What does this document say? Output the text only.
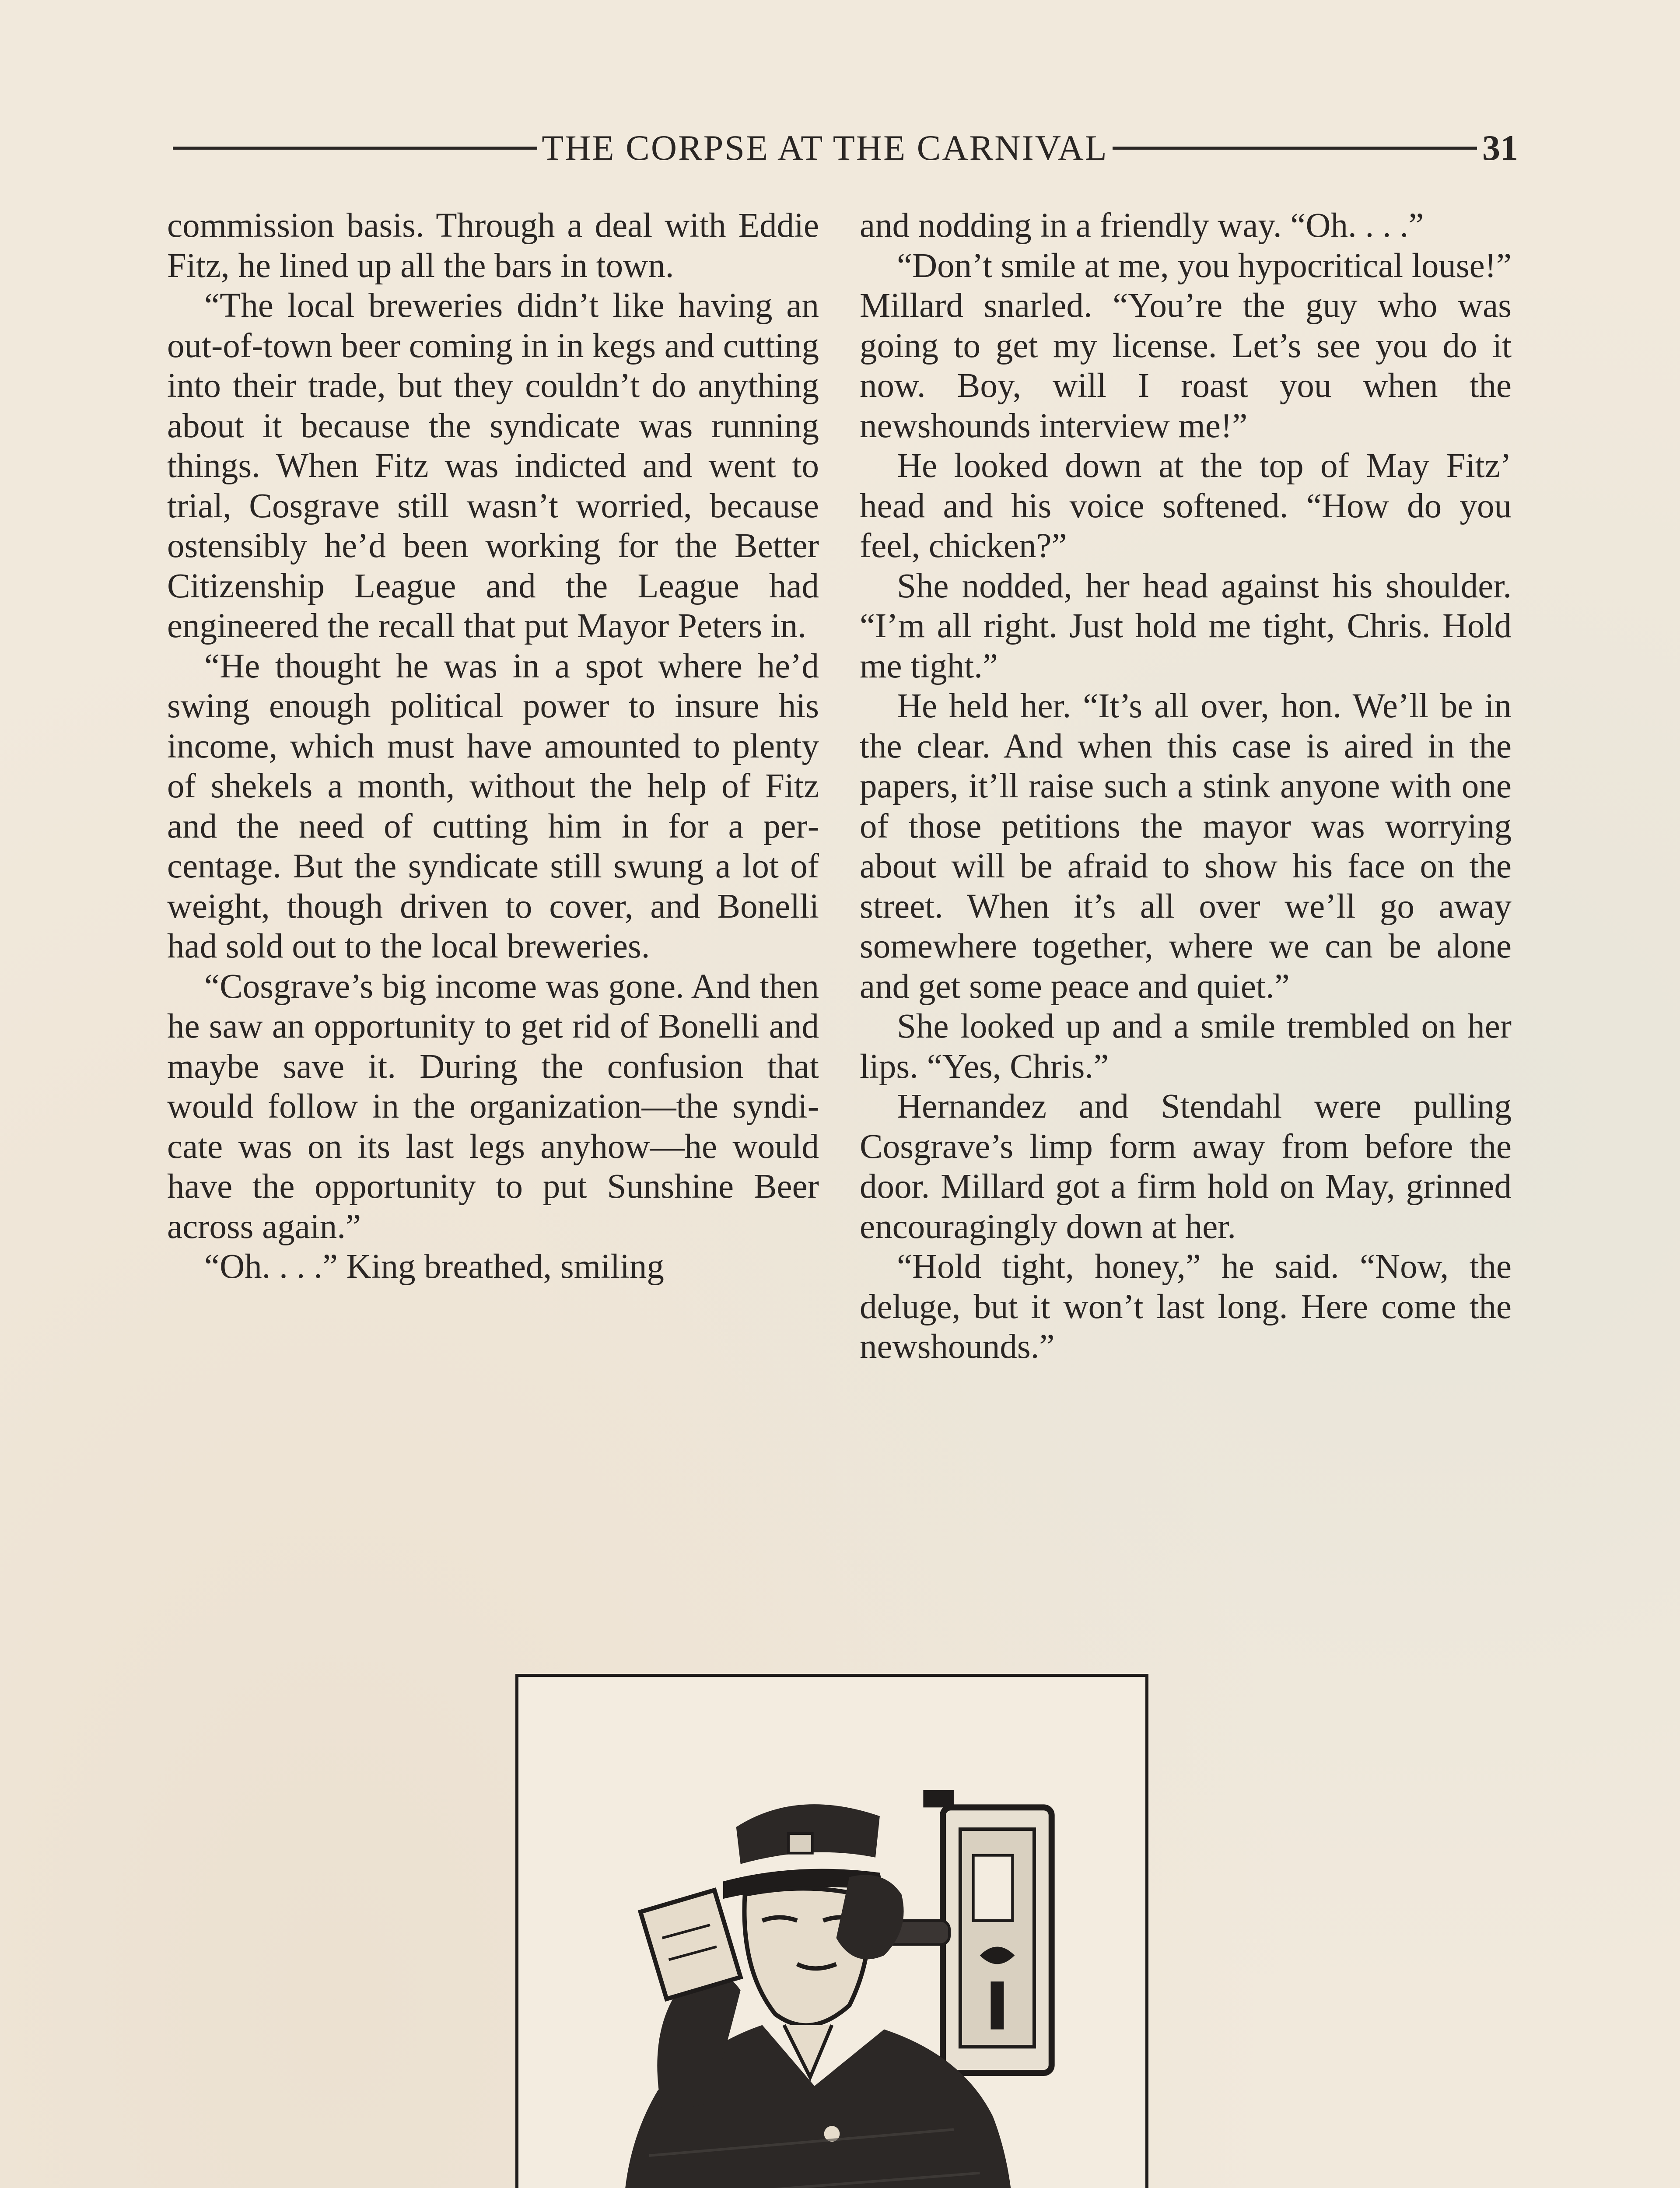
THE CORPSE AT THE CARNIVAL	31

commission basis. Through a deal with Eddie Fitz, he lined up all the bars in town.

“The local breweries didn’t like having an out-of-town beer coming in in kegs and cutting into their trade, but they couldn’t do anything about it because the syndicate was running things. When Fitz was indicted and went to trial, Cosgrave still wasn’t worried, because ostensibly he’d been working for the Better Citizenship League and the League had engineered the recall that put Mayor Peters in.

“He thought he was in a spot where he’d swing enough political power to insure his income, which must have amounted to plenty of shekels a month, without the help of Fitz and the need of cutting him in for a percentage. But the syndicate still swung a lot of weight, though driven to cover, and Bonelli had sold out to the local breweries.

“Cosgrave’s big income was gone. And then he saw an opportunity to get rid of Bonelli and maybe save it. During the confusion that would follow in the organization—the syndicate was on its last legs anyhow—he would have the opportunity to put Sunshine Beer across again.”

“Oh. . . .” King breathed, smiling

and nodding in a friendly way. “Oh. . . .”

“Don’t smile at me, you hypocritical louse!” Millard snarled. “You’re the guy who was going to get my license. Let’s see you do it now. Boy, will I roast you when the newshounds interview me!”

He looked down at the top of May Fitz’ head and his voice softened. “How do you feel, chicken?”

She nodded, her head against his shoulder. “I’m all right. Just hold me tight, Chris. Hold me tight.”

He held her. “It’s all over, hon. We’ll be in the clear. And when this case is aired in the papers, it’ll raise such a stink anyone with one of those petitions the mayor was worrying about will be afraid to show his face on the street. When it’s all over we’ll go away somewhere together, where we can be alone and get some peace and quiet.”

She looked up and a smile trembled on her lips. “Yes, Chris.”

Hernandez and Stendahl were pulling Cosgrave’s limp form away from before the door. Millard got a firm hold on May, grinned encouragingly down at her.

“Hold tight, honey,” he said. “Now, the deluge, but it won’t last long. Here come the newshounds.”
